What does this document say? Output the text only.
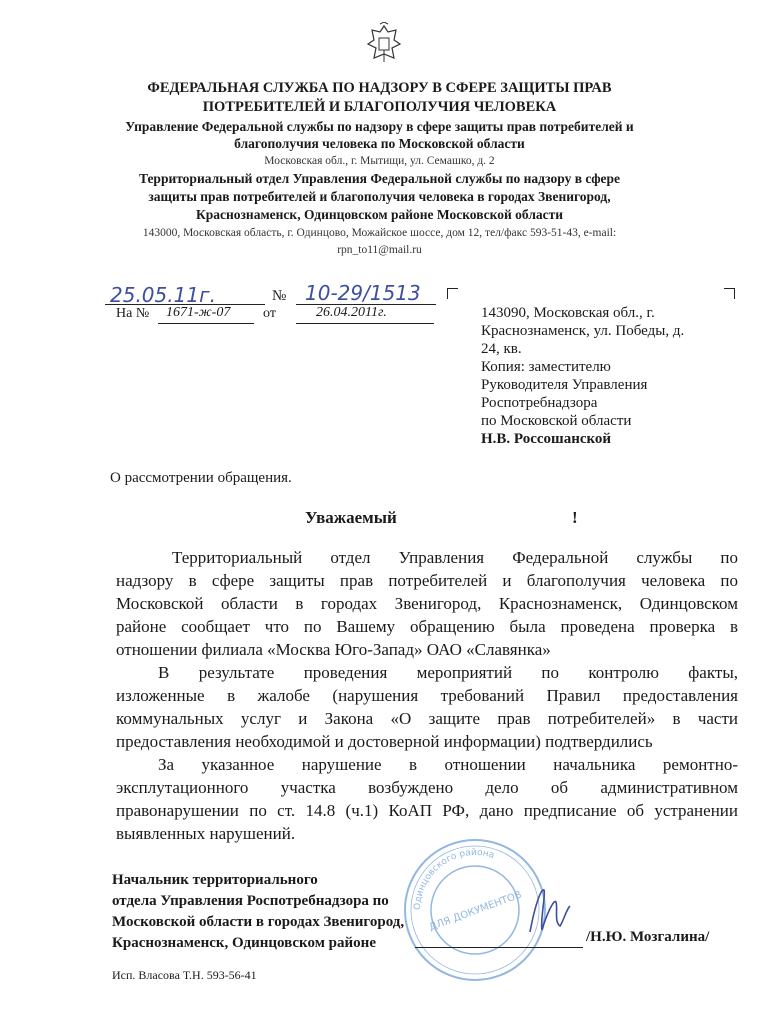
ФЕДЕРАЛЬНАЯ СЛУЖБА ПО НАДЗОРУ В СФЕРЕ ЗАЩИТЫ ПРАВ
ПОТРЕБИТЕЛЕЙ И БЛАГОПОЛУЧИЯ ЧЕЛОВЕКА
Управление Федеральной службы по надзору в сфере защиты прав потребителей и
благополучия человека по Московской области
Московская обл., г. Мытищи, ул. Семашко, д. 2
Территориальный отдел Управления Федеральной службы по надзору в сфере
защиты прав потребителей и благополучия человека в городах Звенигород,
Краснознаменск, Одинцовском районе Московской области
143000, Московская область, г. Одинцово, Можайское шоссе, дом 12, тел/факс 593-51-43, e-mail:
rpn_to11@mail.ru
25.05.11г.	№ 10-29/1513
На № 1671-ж-07 от	26.04.2011г.	143090, Московская обл., г.
Краснознаменск, ул. Победы, д.
24, кв.
Копия: заместителю
Руководителя Управления
Роспотребнадзора
по Московской области
Н.В. Россошанской
О рассмотрении обращения.
Уважаемый	!
Территориальный отдел Управления Федеральной службы по
надзору в сфере защиты прав потребителей и благополучия человека по
Московской области в городах Звенигород, Краснознаменск, Одинцовском
районе сообщает что по Вашему обращению была проведена проверка в
отношении филиала «Москва Юго-Запад» ОАО «Славянка»
В результате проведения мероприятий по контролю факты,
изложенные в жалобе (нарушения требований Правил предоставления
коммунальных услуг и Закона «О защите прав потребителей» в части
предоставления необходимой и достоверной информации) подтвердились
За указанное нарушение в отношении начальника ремонтно-
эксплутационного участка возбуждено дело об административном
правонарушении по ст. 14.8 (ч.1) КоАП РФ, дано предписание об устранении
выявленных нарушений.
Одинцовского района
ДЛЯ ДОКУМЕНТОВ
Начальник территориального
отдела Управления Роспотребнадзора по
Московской области в городах Звенигород,
Краснознаменск, Одинцовском районе	/Н.Ю. Мозгалина/
Исп. Власова Т.Н. 593-56-41
